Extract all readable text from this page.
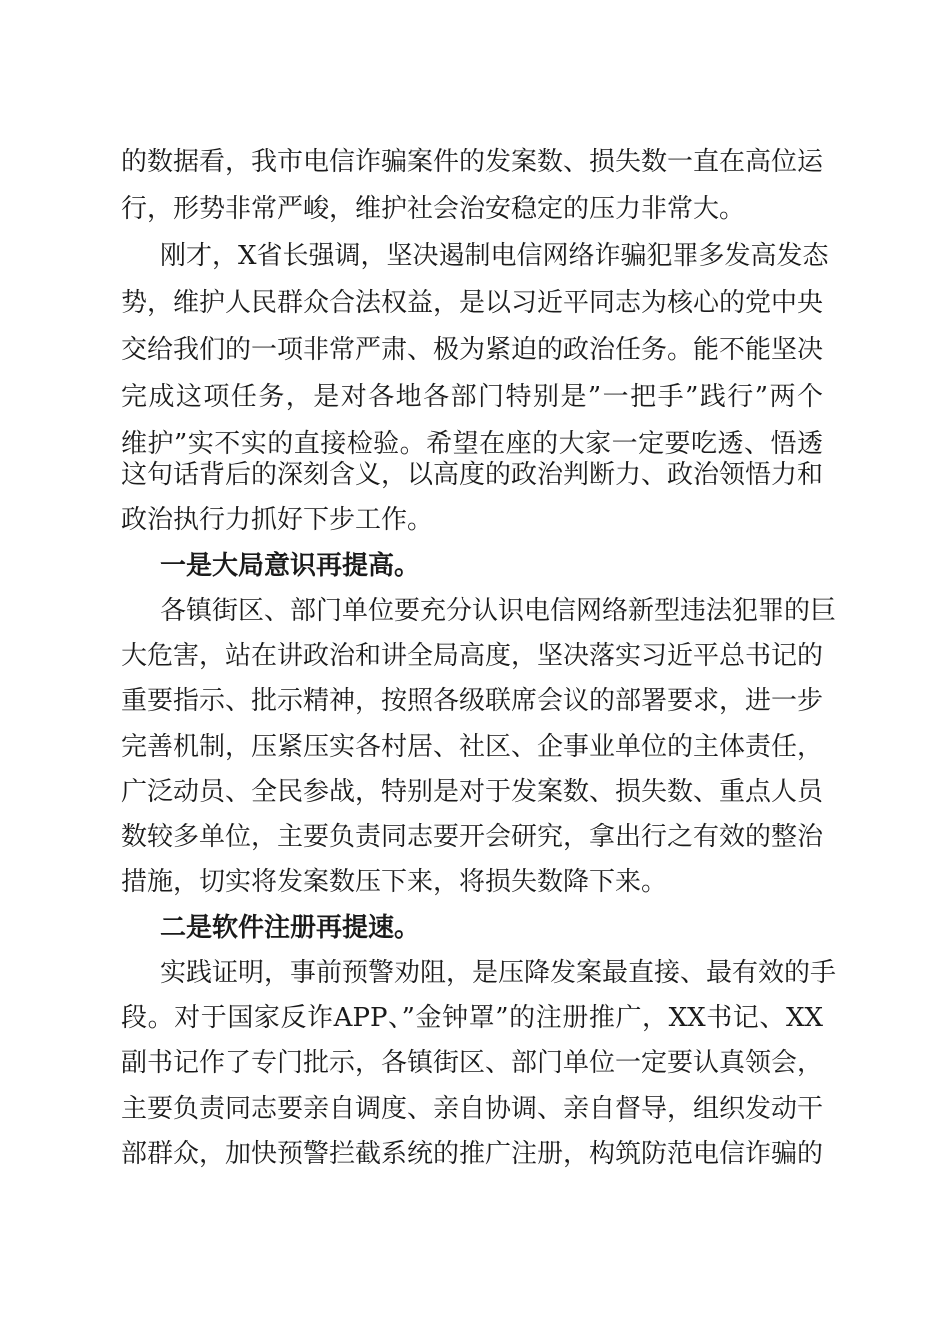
的数据看，我市电信诈骗案件的发案数、损失数一直在高位运
行，形势非常严峻，维护社会治安稳定的压力非常大。
刚才，X省长强调，坚决遏制电信网络诈骗犯罪多发高发态
势，维护人民群众合法权益，是以习近平同志为核心的党中央
交给我们的一项非常严肃、极为紧迫的政治任务。能不能坚决
完成这项任务，是对各地各部门特别是”一把手”践行”两个
维护”实不实的直接检验。希望在座的大家一定要吃透、悟透
这句话背后的深刻含义，以高度的政治判断力、政治领悟力和
政治执行力抓好下步工作。
一是大局意识再提高。
各镇街区、部门单位要充分认识电信网络新型违法犯罪的巨
大危害，站在讲政治和讲全局高度，坚决落实习近平总书记的
重要指示、批示精神，按照各级联席会议的部署要求，进一步
完善机制，压紧压实各村居、社区、企事业单位的主体责任，
广泛动员、全民参战，特别是对于发案数、损失数、重点人员
数较多单位，主要负责同志要开会研究，拿出行之有效的整治
措施，切实将发案数压下来，将损失数降下来。
二是软件注册再提速。
实践证明，事前预警劝阻，是压降发案最直接、最有效的手
段。对于国家反诈APP、”金钟罩”的注册推广，XX书记、XX
副书记作了专门批示，各镇街区、部门单位一定要认真领会，
主要负责同志要亲自调度、亲自协调、亲自督导，组织发动干
部群众，加快预警拦截系统的推广注册，构筑防范电信诈骗的
